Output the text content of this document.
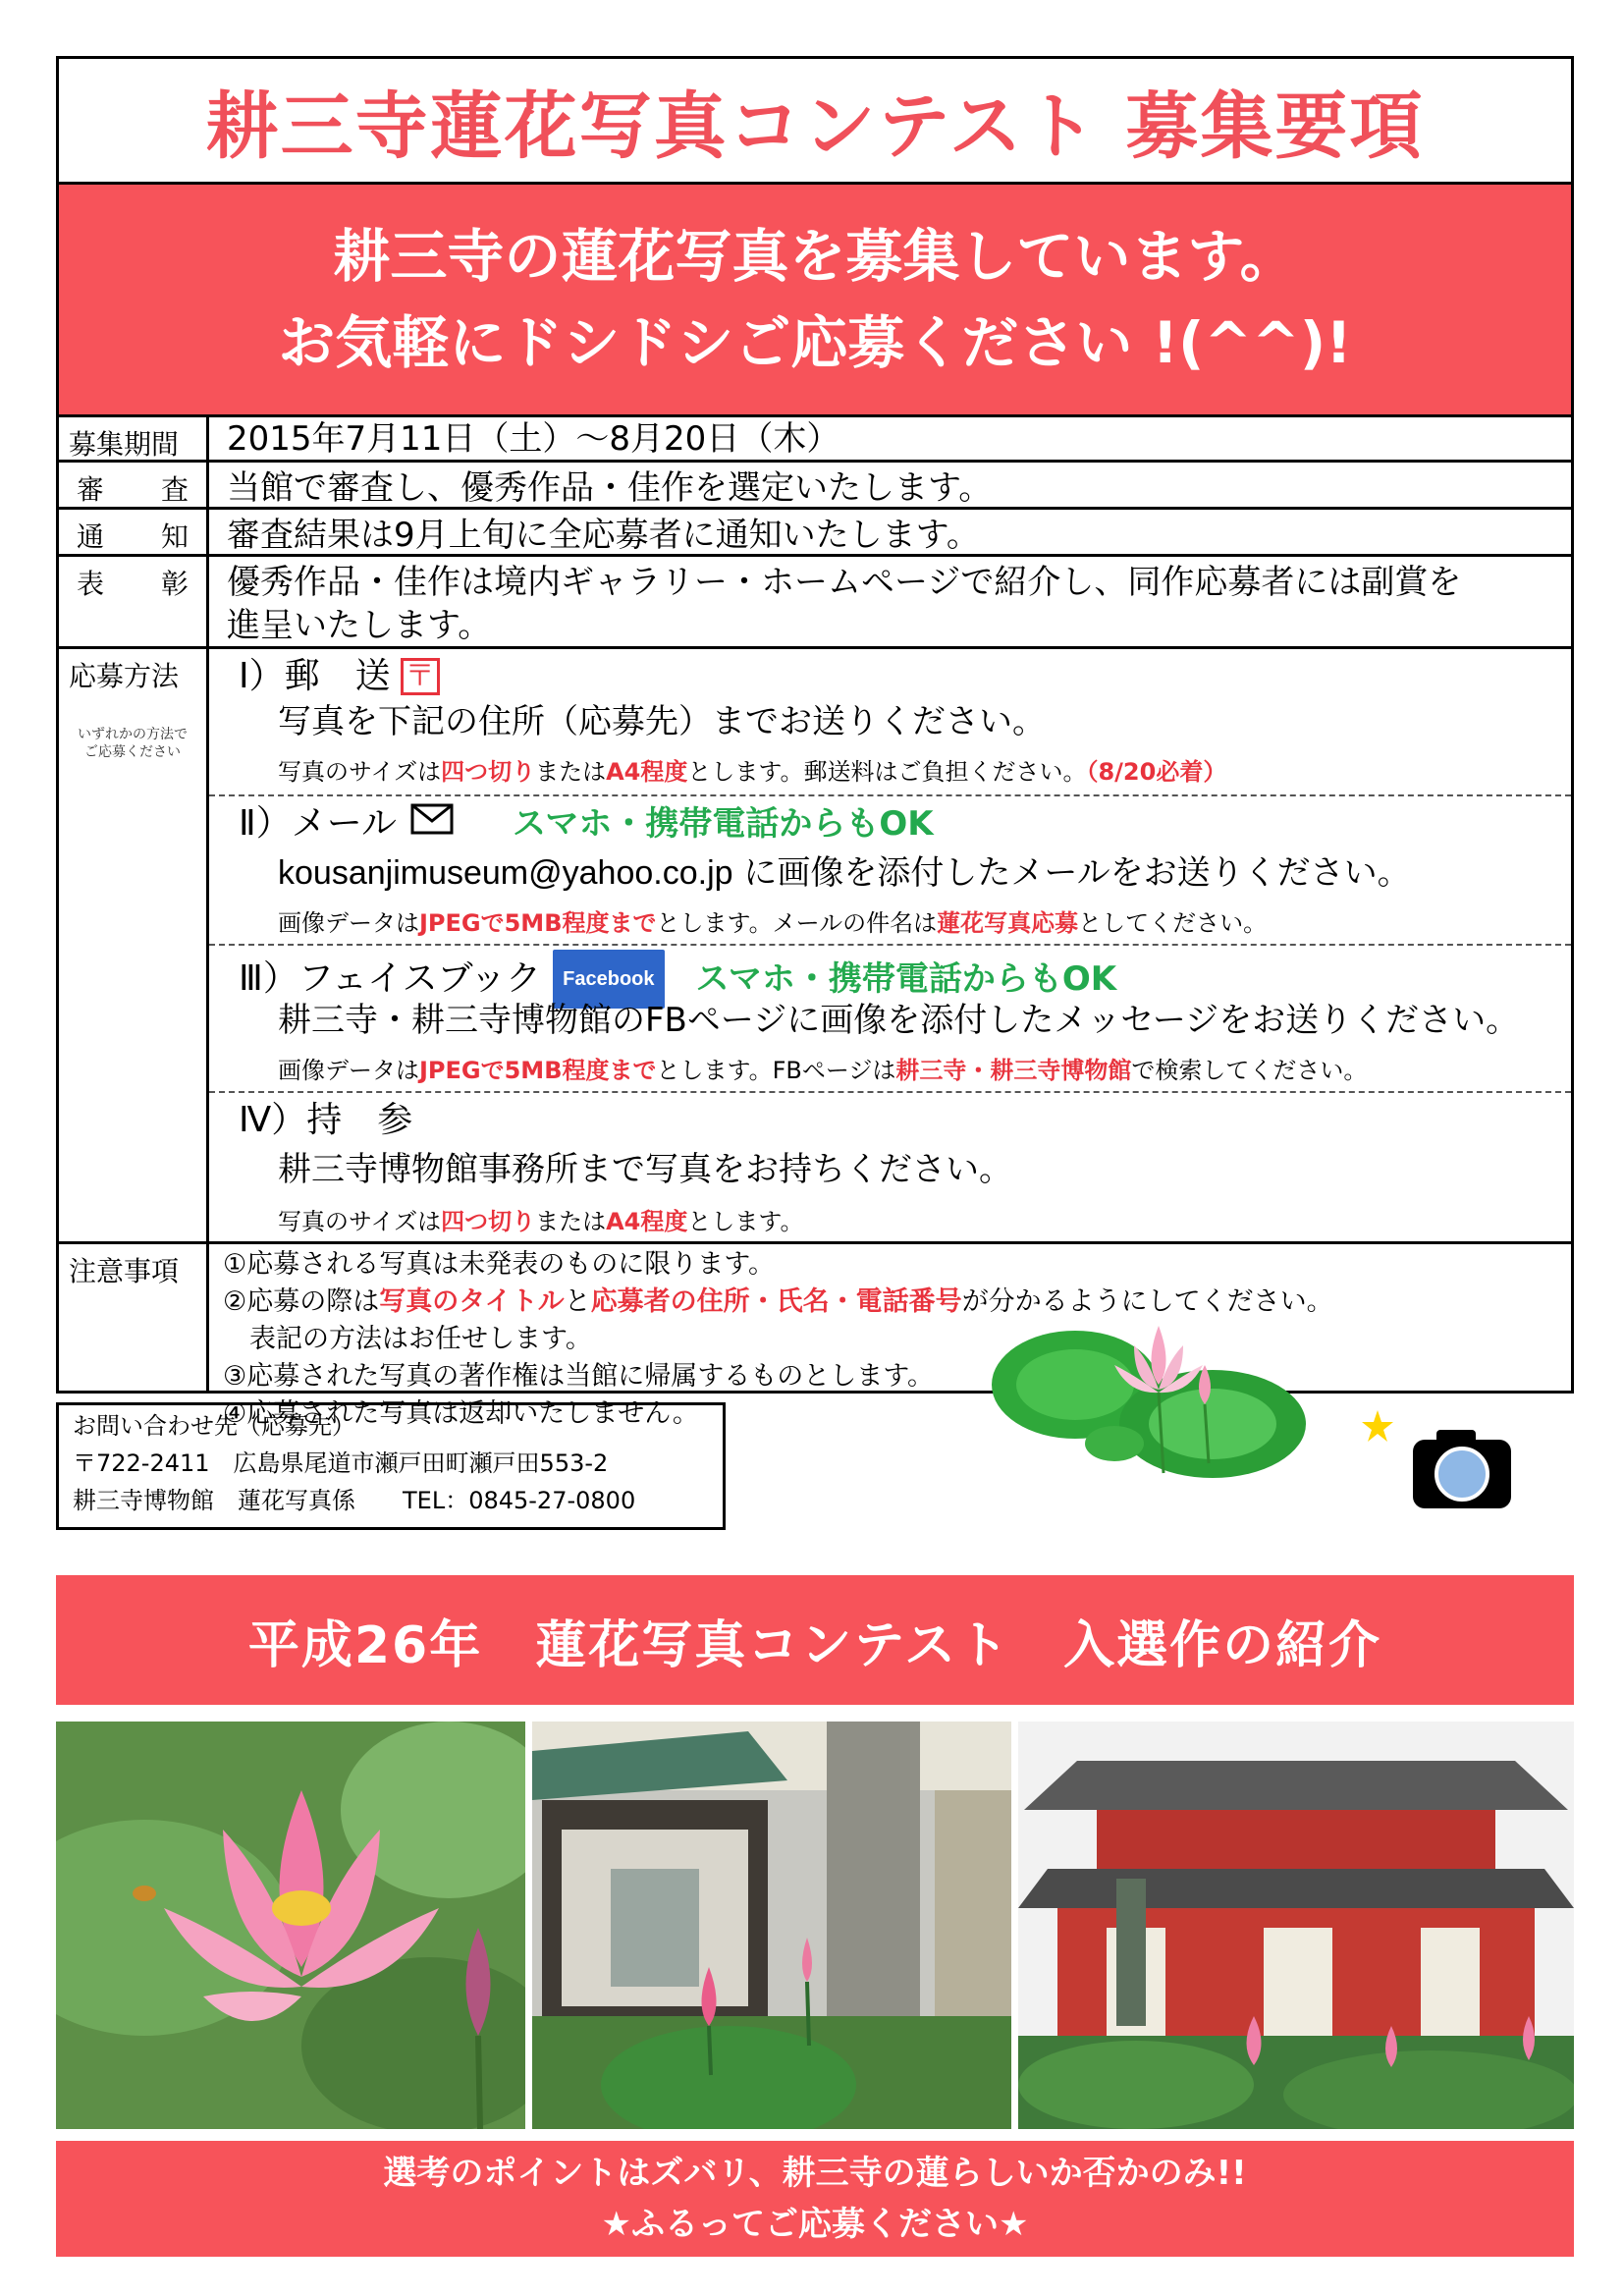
耕三寺蓮花写真コンテスト 募集要項
耕三寺の蓮花写真を募集しています。
お気軽にドシドシご応募ください !(^^)!
募集期間	2015年7月11日（土）～8月20日（木）
審 査	当館で審査し、優秀作品・佳作を選定いたします。
通 知	審査結果は9月上旬に全応募者に通知いたします。
表 彰 優秀作品・佳作は境内ギャラリー・ホームページで紹介し、同作応募者には副賞を
進呈いたします。
応募方法
いずれかの方法で
ご応募ください
Ⅰ）郵　送 〒
写真を下記の住所（応募先）までお送りください。
写真のサイズは四つ切りまたはA4程度とします。郵送料はご負担ください。（8/20必着）
Ⅱ）メール	スマホ・携帯電話からもOK
kousanjimuseum@yahoo.co.jp に画像を添付したメールをお送りください。
画像データはJPEGで5MB程度までとします。メールの件名は蓮花写真応募としてください。
Ⅲ）フェイスブック	Facebook スマホ・携帯電話からもOK
耕三寺・耕三寺博物館のFBページに画像を添付したメッセージをお送りください。
画像データはJPEGで5MB程度までとします。FBページは耕三寺・耕三寺博物館で検索してください。
Ⅳ）持　参
耕三寺博物館事務所まで写真をお持ちください。
写真のサイズは四つ切りまたはA4程度とします。
注意事項	①応募される写真は未発表のものに限ります。
②応募の際は写真のタイトルと応募者の住所・氏名・電話番号が分かるようにしてください。
　表記の方法はお任せします。
③応募された写真の著作権は当館に帰属するものとします。
④応募された写真は返却いたしません。
お問い合わせ先（応募先）
〒722-2411　広島県尾道市瀬戸田町瀬戸田553-2
耕三寺博物館　蓮花写真係　　TEL：0845-27-0800
平成26年　蓮花写真コンテスト　入選作の紹介
選考のポイントはズバリ、耕三寺の蓮らしいか否かのみ!!
★ふるってご応募ください★
